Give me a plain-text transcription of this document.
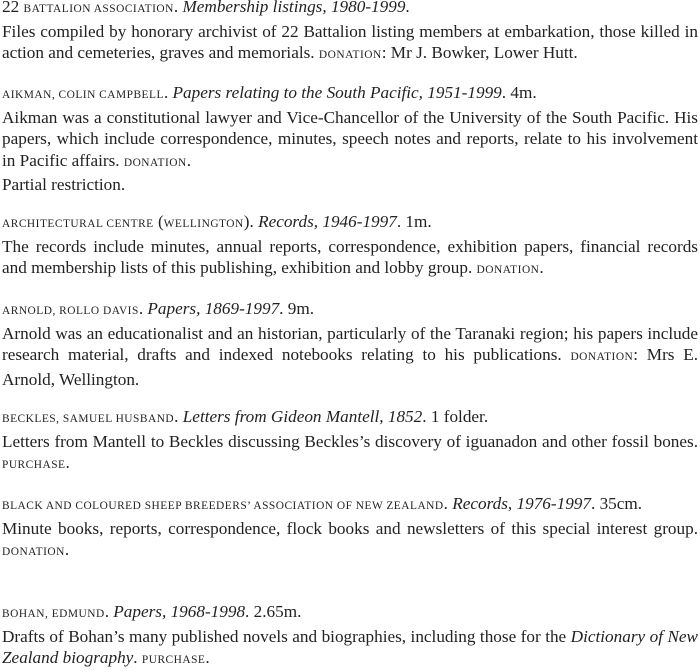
22 BATTALION ASSOCIATION. Membership listings, 1980-1999.

Files compiled by honorary archivist of 22 Battalion listing members at embarkation, those killed in action and cemeteries, graves and memorials. DONATION: Mr J. Bowker, Lower Hutt.

AIKMAN, COLIN CAMPBELL. Papers relating to the South Pacific, 1951-1999. 4m.

Aikman was a constitutional lawyer and Vice-Chancellor of the University of the South Pacific. His papers, which include correspondence, minutes, speech notes and reports, relate to his involvement in Pacific affairs. DONATION.

Partial restriction.

ARCHITECTURAL CENTRE (WELLINGTON). Records, 1946-1997. 1m.

The records include minutes, annual reports, correspondence, exhibition papers, financial records and membership lists of this publishing, exhibition and lobby group. DONATION.

ARNOLD, ROLLO DAVIS. Papers, 1869-1997. 9m.

Arnold was an educationalist and an historian, particularly of the Taranaki region; his papers include research material, drafts and indexed notebooks relating to his publications. DONATION: Mrs E. Arnold, Wellington.

BECKLES, SAMUEL HUSBAND. Letters from Gideon Mantell, 1852. 1 folder.

Letters from Mantell to Beckles discussing Beckles’s discovery of iguanadon and other fossil bones. PURCHASE.

BLACK AND COLOURED SHEEP BREEDERS’ ASSOCIATION OF NEW ZEALAND. Records, 1976-1997. 35cm.

Minute books, reports, correspondence, flock books and newsletters of this special interest group. DONATION.

BOHAN, EDMUND. Papers, 1968-1998. 2.65m.

Drafts of Bohan’s many published novels and biographies, including those for the Dictionary of New Zealand biography. PURCHASE.
